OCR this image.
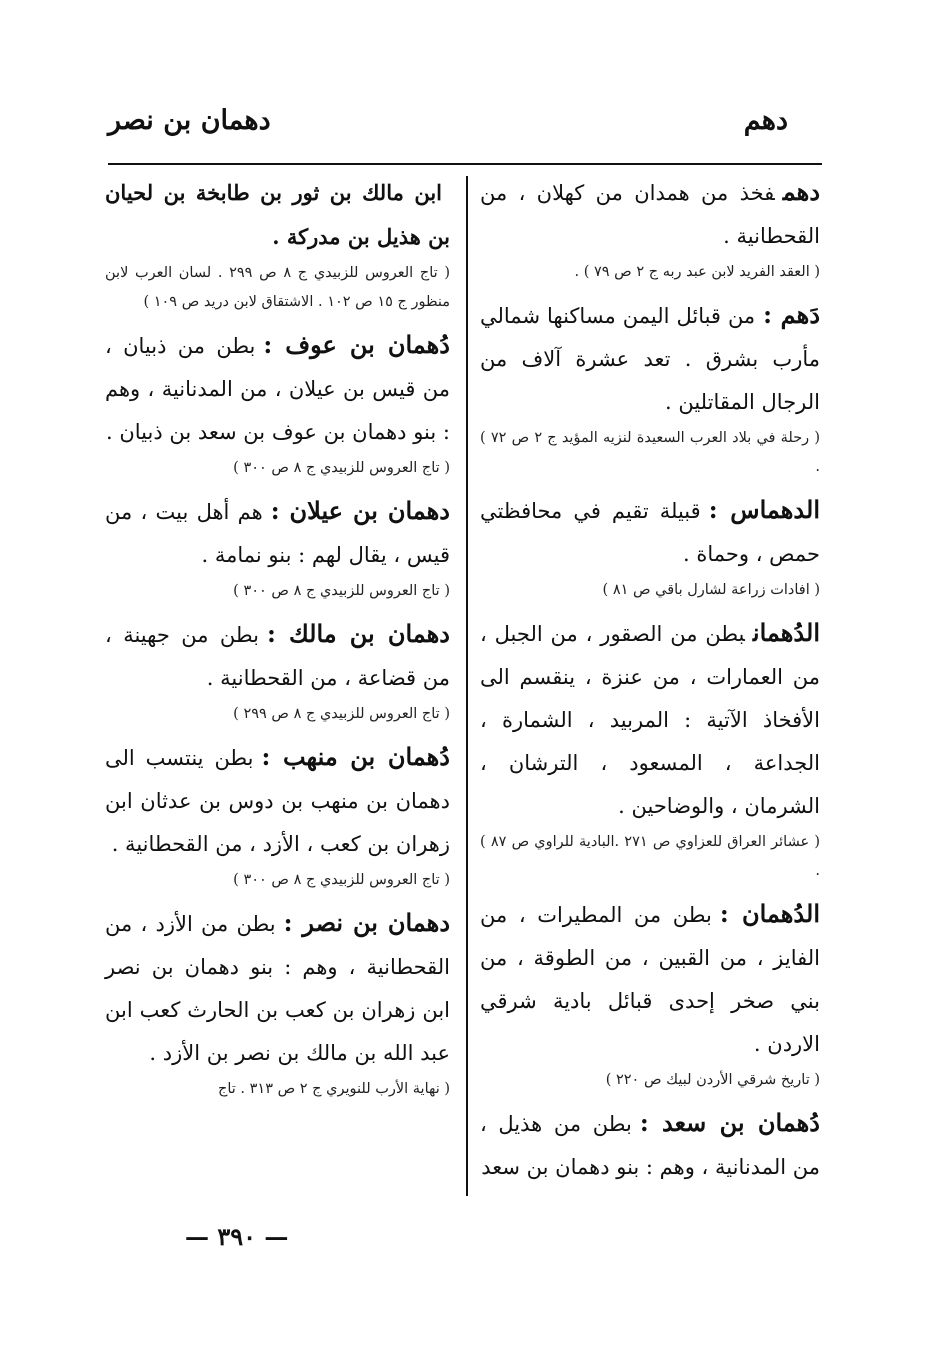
دهم
دهمان بن نصر
دهمفخذ من همدان من كهلان ، من القحطانية .
( العقد الفريد لابن عبد ربه ج ٢ ص ٧٩ ) .
دَهم :من قبائل اليمن مساكنها شمالي مأرب بشرق . تعد عشرة آلاف من الرجال المقاتلين .
( رحلة في بلاد العرب السعيدة لنزيه المؤيد ج ٢ ص ٧٢ ) .
الدهماس :قبيلة تقيم في محافظتي حمص ، وحماة .
( افادات زراعة لشارل باقي ص ٨١ )
الدُهمانبطن من الصقور ، من الجبل ، من العمارات ، من عنزة ، ينقسم الى الأفخاذ الآتية : المربيد ، الشمارة ، الجداعة ، المسعود ، الترشان ، الشرمان ، والوضاحين .
( عشائر العراق للعزاوي ص ٢٧١ .البادية للراوي ص ٨٧ ) .
الدُهمان :بطن من المطيرات ، من الفايز ، من القبين ، من الطوقة ، من بني صخر إحدى قبائل بادية شرقي الاردن .
( تاريخ شرقي الأردن لبيك ص ٢٢٠ )
دُهمان بن سعد :بطن من هذيل ، من المدنانية ، وهم : بنو دهمان بن سعد
ابن مالك بن ثور بن طابخة بن لحيان بن هذيل بن مدركة .
( تاج العروس للزبيدي ج ٨ ص ٢٩٩ . لسان العرب لابن منظور ج ١٥ ص ١٠٢ . الاشتقاق لابن دريد ص ١٠٩ )
دُهمان بن عوف :بطن من ذبيان ، من قيس بن عيلان ، من المدنانية ، وهم : بنو دهمان بن عوف بن سعد بن ذبيان .
( تاج العروس للزبيدي ج ٨ ص ٣٠٠ )
دهمان بن عيلان :هم أهل بيت ، من قيس ، يقال لهم : بنو نمامة .
( تاج العروس للزبيدي ج ٨ ص ٣٠٠ )
دهمان بن مالك :بطن من جهينة ، من قضاعة ، من القحطانية .
( تاج العروس للزبيدي ج ٨ ص ٢٩٩ )
دُهمان بن منهب :بطن ينتسب الى دهمان بن منهب بن دوس بن عدثان ابن زهران بن كعب ، الأزد ، من القحطانية .
( تاج العروس للزبيدي ج ٨ ص ٣٠٠ )
دهمان بن نصر :بطن من الأزد ، من القحطانية ، وهم : بنو دهمان بن نصر ابن زهران بن كعب بن الحارث كعب ابن عبد الله بن مالك بن نصر بن الأزد .
( نهاية الأرب للنويري ج ٢ ص ٣١٣ . تاج
— ٣٩٠ —
